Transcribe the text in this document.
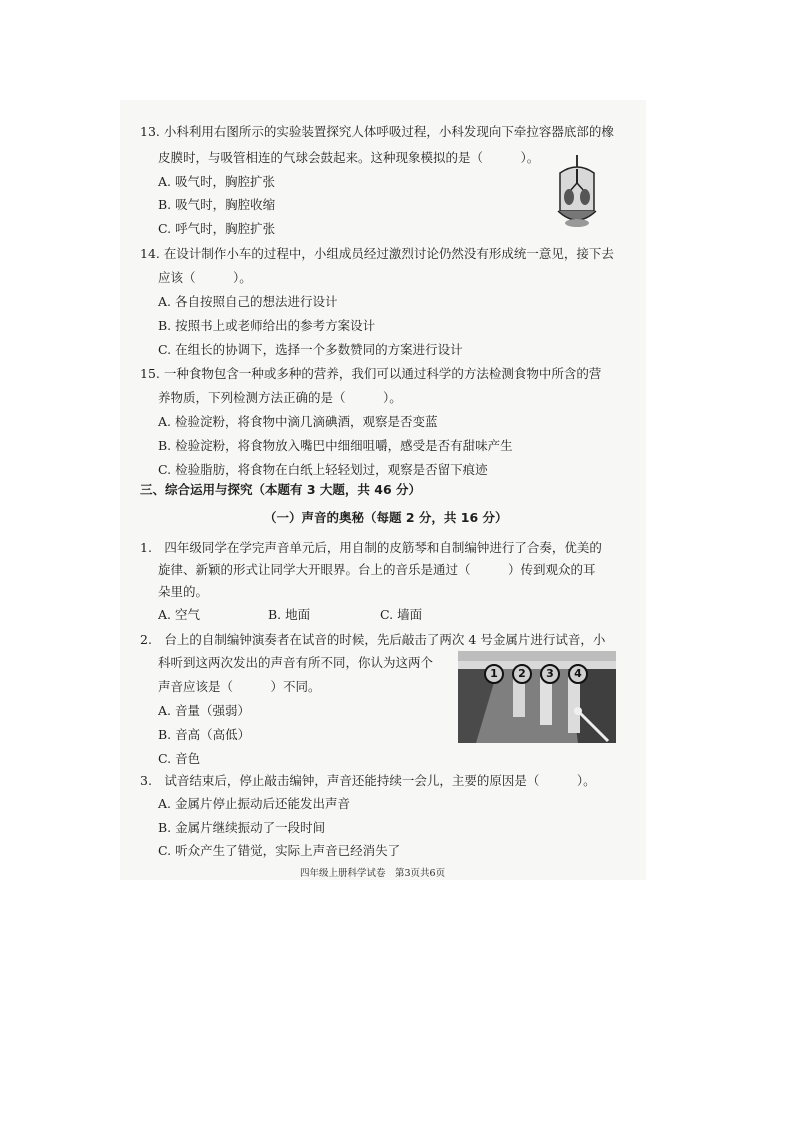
13. 小科利用右图所示的实验装置探究人体呼吸过程，小科发现向下牵拉容器底部的橡
皮膜时，与吸管相连的气球会鼓起来。这种现象模拟的是（　　　）。
A. 吸气时，胸腔扩张
B. 吸气时，胸腔收缩
C. 呼气时，胸腔扩张
14. 在设计制作小车的过程中，小组成员经过激烈讨论仍然没有形成统一意见，接下去
应该（　　　）。
A. 各自按照自己的想法进行设计
B. 按照书上或老师给出的参考方案设计
C. 在组长的协调下，选择一个多数赞同的方案进行设计
15. 一种食物包含一种或多种的营养，我们可以通过科学的方法检测食物中所含的营
养物质，下列检测方法正确的是（　　　）。
A. 检验淀粉，将食物中滴几滴碘酒，观察是否变蓝
B. 检验淀粉，将食物放入嘴巴中细细咀嚼，感受是否有甜味产生
C. 检验脂肪，将食物在白纸上轻轻划过，观察是否留下痕迹
三、综合运用与探究（本题有 3 大题，共 46 分）
（一）声音的奥秘（每题 2 分，共 16 分）
1.　四年级同学在学完声音单元后，用自制的皮筋琴和自制编钟进行了合奏，优美的
旋律、新颖的形式让同学大开眼界。台上的音乐是通过（　　　）传到观众的耳
朵里的。
A. 空气	B. 地面	C. 墙面
2.　台上的自制编钟演奏者在试音的时候，先后敲击了两次 4 号金属片进行试音，小
科听到这两次发出的声音有所不同，你认为这两个
声音应该是（　　　）不同。
A. 音量（强弱）
B. 音高（高低）
C. 音色
1	2	3	4
3.　试音结束后，停止敲击编钟，声音还能持续一会儿，主要的原因是（　　　）。
A. 金属片停止振动后还能发出声音
B. 金属片继续振动了一段时间
C. 听众产生了错觉，实际上声音已经消失了
四年级上册科学试卷　第3页共6页
